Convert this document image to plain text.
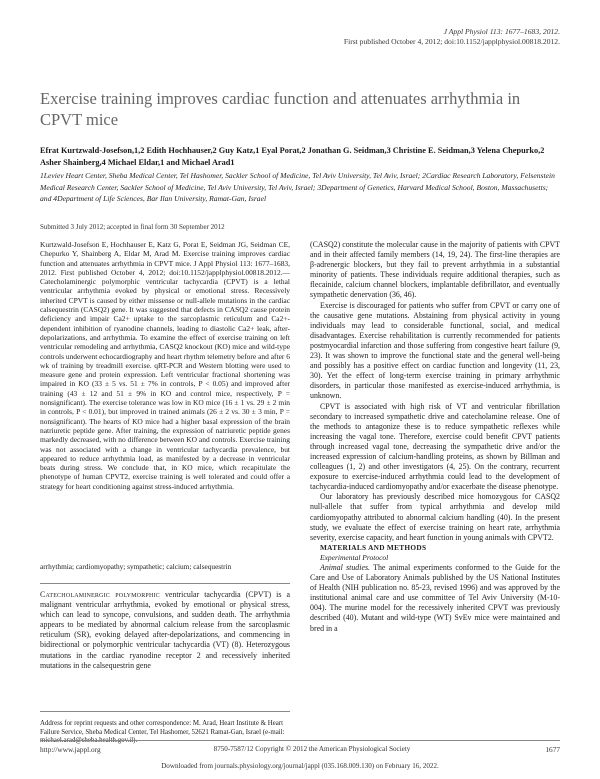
J Appl Physiol 113: 1677–1683, 2012.
First published October 4, 2012; doi:10.1152/japplphysiol.00818.2012.
Exercise training improves cardiac function and attenuates arrhythmia in CPVT mice
Efrat Kurtzwald-Josefson,1,2 Edith Hochhauser,2 Guy Katz,1 Eyal Porat,2 Jonathan G. Seidman,3 Christine E. Seidman,3 Yelena Chepurko,2 Asher Shainberg,4 Michael Eldar,1 and Michael Arad1
1Leviev Heart Center, Sheba Medical Center, Tel Hashomer, Sackler School of Medicine, Tel Aviv University, Tel Aviv, Israel; 2Cardiac Research Laboratory, Felsenstein Medical Research Center, Sackler School of Medicine, Tel Aviv University, Tel Aviv, Israel; 3Department of Genetics, Harvard Medical School, Boston, Massachusetts; and 4Department of Life Sciences, Bar Ilan University, Ramat-Gan, Israel
Submitted 3 July 2012; accepted in final form 30 September 2012

Kurtzwald-Josefson E, Hochhauser E, Katz G, Porat E, Seidman JG, Seidman CE, Chepurko Y, Shainberg A, Eldar M, Arad M. Exercise training improves cardiac function and attenuates arrhythmia in CPVT mice. J Appl Physiol 113: 1677–1683, 2012. First published October 4, 2012; doi:10.1152/japplphysiol.00818.2012.—Catecholaminergic polymorphic ventricular tachycardia (CPVT) is a lethal ventricular arrhythmia evoked by physical or emotional stress. Recessively inherited CPVT is caused by either missense or null-allele mutations in the cardiac calsequestrin (CASQ2) gene. It was suggested that defects in CASQ2 cause protein deficiency and impair Ca2+ uptake to the sarcoplasmic reticulum and Ca2+-dependent inhibition of ryanodine channels, leading to diastolic Ca2+ leak, after-depolarizations, and arrhythmia. To examine the effect of exercise training on left ventricular remodeling and arrhythmia, CASQ2 knockout (KO) mice and wild-type controls underwent echocardiography and heart rhythm telemetry before and after 6 wk of training by treadmill exercise. qRT-PCR and Western blotting were used to measure gene and protein expression. Left ventricular fractional shortening was impaired in KO (33 ± 5 vs. 51 ± 7% in controls, P < 0.05) and improved after training (43 ± 12 and 51 ± 9% in KO and control mice, respectively, P = nonsignificant). The exercise tolerance was low in KO mice (16 ± 1 vs. 29 ± 2 min in controls, P < 0.01), but improved in trained animals (26 ± 2 vs. 30 ± 3 min, P = nonsignificant). The hearts of KO mice had a higher basal expression of the brain natriuretic peptide gene. After training, the expression of natriuretic peptide genes markedly decreased, with no difference between KO and controls. Exercise training was not associated with a change in ventricular tachycardia prevalence, but appeared to reduce arrhythmia load, as manifested by a decrease in ventricular beats during stress. We conclude that, in KO mice, which recapitulate the phenotype of human CPVT2, exercise training is well tolerated and could offer a strategy for heart conditioning against stress-induced arrhythmia.

arrhythmia; cardiomyopathy; sympathetic; calcium; calsequestrin

Catecholaminergic polymorphic ventricular tachycardia (CPVT) is a malignant ventricular arrhythmia, evoked by emotional or physical stress, which can lead to syncope, convulsions, and sudden death. The arrhythmia appears to be mediated by abnormal calcium release from the sarcoplasmic reticulum (SR), evoking delayed after-depolarizations, and commencing in bidirectional or polymorphic ventricular tachycardia (VT) (8). Heterozygous mutations in the cardiac ryanodine receptor 2 and recessively inherited mutations in the calsequestrin gene

Address for reprint requests and other correspondence: M. Arad, Heart Institute & Heart Failure Service, Sheba Medical Center, Tel Hashomer, 52621 Ramat-Gan, Israel (e-mail: michael.arad@sheba.health.gov.il).

(CASQ2) constitute the molecular cause in the majority of patients with CPVT and in their affected family members (14, 19, 24). The first-line therapies are β-adrenergic blockers, but they fail to prevent arrhythmia in a substantial minority of patients. These individuals require additional therapies, such as flecainide, calcium channel blockers, implantable defibrillator, and eventually sympathetic denervation (36, 46).

Exercise is discouraged for patients who suffer from CPVT or carry one of the causative gene mutations. Abstaining from physical activity in young individuals may lead to considerable functional, social, and medical disadvantages. Exercise rehabilitation is currently recommended for patients postmyocardial infarction and those suffering from congestive heart failure (9, 23). It was shown to improve the functional state and the general well-being and possibly has a positive effect on cardiac function and longevity (11, 23, 30). Yet the effect of long-term exercise training in primary arrhythmic disorders, in particular those manifested as exercise-induced arrhythmia, is unknown.

CPVT is associated with high risk of VT and ventricular fibrillation secondary to increased sympathetic drive and catecholamine release. One of the methods to antagonize these is to reduce sympathetic reflexes while increasing the vagal tone. Therefore, exercise could benefit CPVT patients through increased vagal tone, decreasing the sympathetic drive and/or the increased expression of calcium-handling proteins, as shown by Billman and colleagues (1, 2) and other investigators (4, 25). On the contrary, recurrent exposure to exercise-induced arrhythmia could lead to the development of tachycardia-induced cardiomyopathy and/or exacerbate the disease phenotype.

Our laboratory has previously described mice homozygous for CASQ2 null-allele that suffer from typical arrhythmia and develop mild cardiomyopathy attributed to abnormal calcium handling (40). In the present study, we evaluate the effect of exercise training on heart rate, arrhythmia severity, exercise capacity, and heart function in young animals with CPVT2.

MATERIALS AND METHODS

Experimental Protocol

Animal studies. The animal experiments conformed to the Guide for the Care and Use of Laboratory Animals published by the US National Institutes of Health (NIH publication no. 85-23, revised 1996) and was approved by the institutional animal care and use committee of Tel Aviv University (M-10-004). The murine model for the recessively inherited CPVT was previously described (40). Mutant and wild-type (WT) SvEv mice were maintained and bred in a

http://www.jappl.org	8750-7587/12 Copyright © 2012 the American Physiological Society	1677
Downloaded from journals.physiology.org/journal/jappl (035.168.009.130) on February 16, 2022.
